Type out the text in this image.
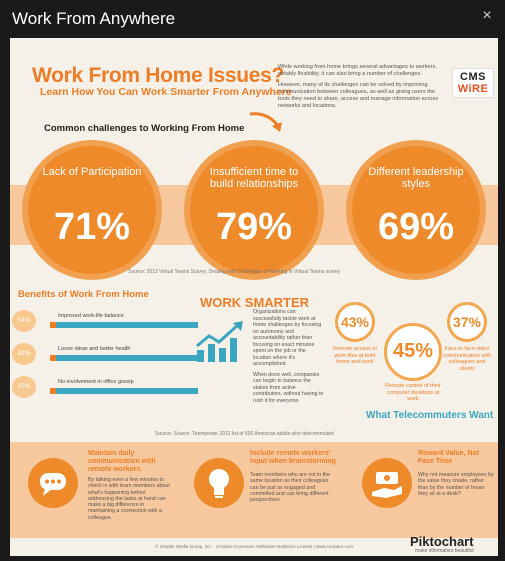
Work From Anywhere	×
Work From Home Issues?
Learn How You Can Work Smarter From Anywhere

While working from home brings several advantages to workers, notably flexibility, it can also bring a number of challenges.

However, many of its challenges can be solved by improving communication between colleagues, as well as giving users the tools they need to share, access and manage information across networks and locations.

CMS
WiRE
Common challenges to Working From Home
Lack of Participation
71%
Insufficient time to build relationships
79%
Different leadership styles
69%
Source: 2013 Virtual Teams Survey, Dealing with Challenges of Working in Virtual Teams survey
Benefits of Work From Home
54%
Improved work-life balance
52%
Loose ideas and better health
37%
No involvement in office gossip
WORK SMARTER

Organizations can successfully tackle work at home challenges by focusing on autonomy and accountability rather than focusing on exact minutes spent on the job or the location where it's accomplished.

When done well, companies can begin to balance the stakes from active contributors, without having to rush it for everyone.

43%
Remote access to work files at both home and work 45%
Remote control of their computer desktops at work
37%
Face to face video communication with colleagues and clients
What Telecommuters Want
Source: Source: Teampower 2012 list of 600 American adults who telecommuted
Maintain daily communication with remote workers.
By talking even a few minutes to check in with team members about what's happening before addressing the tasks at hand can make a big difference in maintaining a connection with a colleague.
Include remote workers' input when brainstorming
Team members who are not in the same location as their colleagues can be just as engaged and committed and can bring different perspectives.
Reward Value, Not Face Time
Why not measure employees by the value they create, rather than by the number of hours they sit at a desk?
© Simpler Media Group, Inc. · Creative Commons Attribution-NoDerivs License | www.cmswire.com	Piktochart
make information beautiful
